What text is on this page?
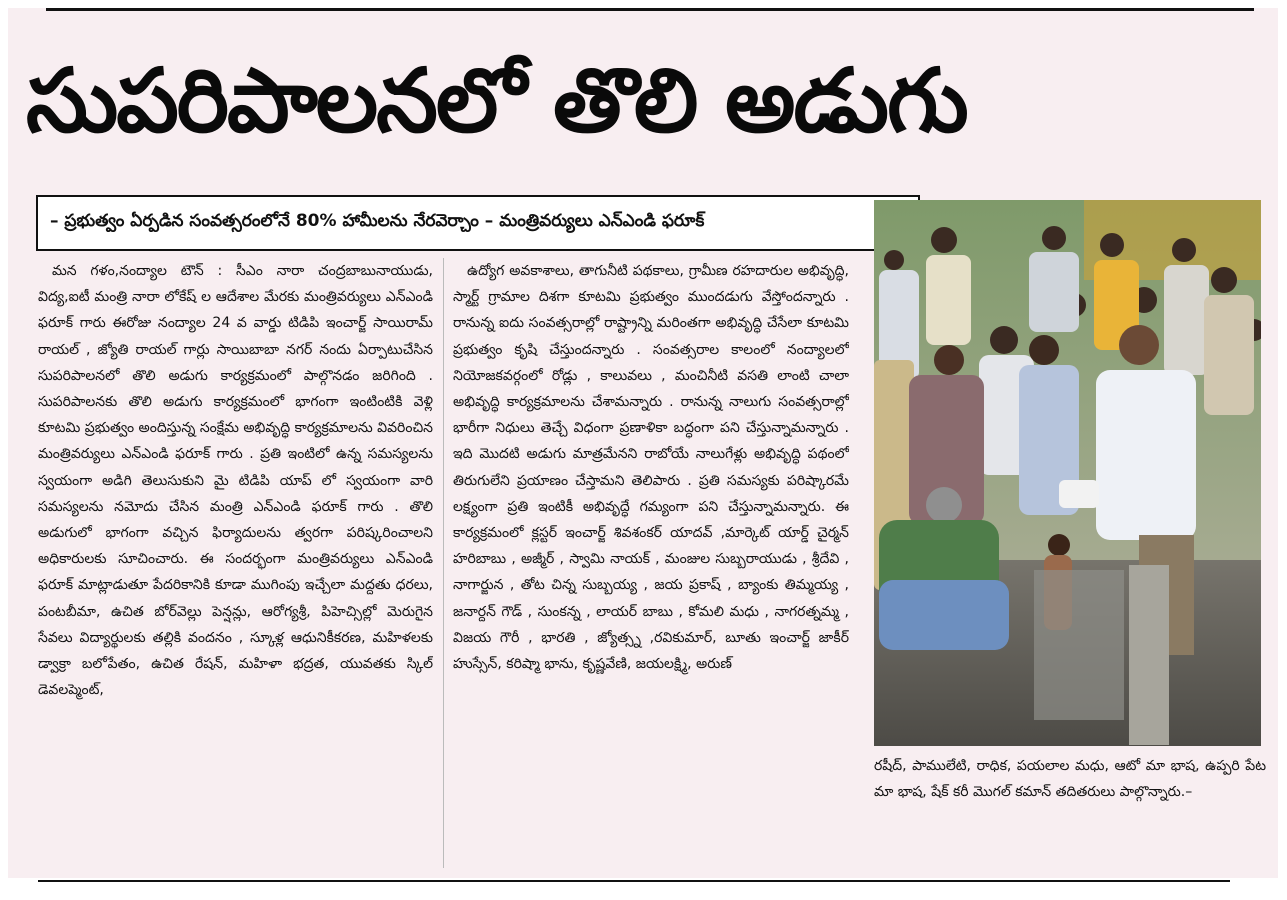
సుపరిపాలనలో తొలి అడుగు
– ప్రభుత్వం ఏర్పడిన సంవత్సరంలోనే 80% హామీలను నేరవెర్చాం – మంత్రివర్యులు ఎన్ఎండి ఫరూక్

మన గళం,నంద్యాల టౌన్ : సీఎం నారా చంద్రబాబునాయుడు, విద్య,ఐటీ మంత్రి నారా లోకేష్ ల ఆదేశాల మేరకు మంత్రివర్యులు ఎన్ఎండి ఫరూక్ గారు ఈరోజు నంద్యాల 24 వ వార్డు టిడిపి ఇంచార్జ్ సాయిరామ్ రాయల్ , జ్యోతి రాయల్ గార్లు సాయిబాబా నగర్ నందు ఏర్పాటుచేసిన సుపరిపాలనలో తొలి అడుగు కార్యక్రమంలో పాల్గొనడం జరిగింది . సుపరిపాలనకు తొలి అడుగు కార్యక్రమంలో భాగంగా ఇంటింటికి వెళ్లి కూటమి ప్రభుత్వం అందిస్తున్న సంక్షేమ అభివృద్ధి కార్యక్రమాలను వివరించిన మంత్రివర్యులు ఎన్ఎండి ఫరూక్ గారు . ప్రతి ఇంటిలో ఉన్న సమస్యలను స్వయంగా అడిగి తెలుసుకుని మై టిడిపి యాప్ లో స్వయంగా వారి సమస్యలను నమోదు చేసిన మంత్రి ఎన్ఎండి ఫరూక్ గారు . తొలి అడుగులో భాగంగా వచ్చిన ఫిర్యాదులను త్వరగా పరిష్కరించాలని అధికారులకు సూచించారు. ఈ సందర్భంగా మంత్రివర్యులు ఎన్ఎండి ఫరూక్ మాట్లాడుతూ పేదరికానికి కూడా ముగింపు ఇచ్చేలా మద్దతు ధరలు, పంటబీమా, ఉచిత బోర్‌వెల్లు పెన్షన్లు, ఆరోగ్యశ్రీ, పిహెచ్సిల్లో మెరుగైన సేవలు విద్యార్థులకు తల్లికి వందనం , స్కూళ్ల ఆధునికీకరణ, మహిళలకు డ్వాక్రా బలోపేతం, ఉచిత రేషన్, మహిళా భద్రత, యువతకు స్కిల్ డెవలప్మెంట్,

ఉద్యోగ అవకాశాలు, తాగునీటి పథకాలు, గ్రామీణ రహదారుల అభివృద్ధి, స్మార్ట్ గ్రామాల దిశగా కూటమి ప్రభుత్వం ముందడుగు వేస్తోందన్నారు . రానున్న ఐదు సంవత్సరాల్లో రాష్ట్రాన్ని మరింతగా అభివృద్ధి చేసేలా కూటమి ప్రభుత్వం కృషి చేస్తుందన్నారు . సంవత్సరాల కాలంలో నంద్యాలలో నియోజకవర్గంలో రోడ్లు , కాలువలు , మంచినీటి వసతి లాంటి చాలా అభివృద్ధి కార్యక్రమాలను చేశామన్నారు . రానున్న నాలుగు సంవత్సరాల్లో భారీగా నిధులు తెచ్చే విధంగా ప్రణాళికా బద్ధంగా పని చేస్తున్నామన్నారు . ఇది మొదటి అడుగు మాత్రమేనని రాబోయే నాలుగేళ్లు అభివృద్ధి పథంలో తిరుగులేని ప్రయాణం చేస్తామని తెలిపారు . ప్రతి సమస్యకు పరిష్కారమే లక్ష్యంగా ప్రతి ఇంటికీ అభివృద్ధే గమ్యంగా పని చేస్తున్నామన్నారు. ఈ కార్యక్రమంలో క్లస్టర్ ఇంచార్జ్ శివశంకర్ యాదవ్ ,మార్కెట్ యార్డ్ చైర్మన్ హరిబాబు , అజ్మీర్ , స్వామి నాయక్ , మంజుల సుబ్బరాయుడు , శ్రీదేవి , నాగార్జున , తోట చిన్న సుబ్బయ్య , జయ ప్రకాష్ , బ్యాంకు తిమ్మయ్య , జనార్దన్ గౌడ్ , సుంకన్న , లాయర్ బాబు , కోమలి మధు , నాగరత్నమ్మ , విజయ గౌరీ , భారతి , జ్యోత్స్న ,రవికుమార్, బూతు ఇంచార్జ్ జాకీర్ హుస్సేన్, కరిష్మా భాను, కృష్ణవేణి, జయలక్ష్మి, అరుణ్

రషీద్, పాములేటి, రాధిక, పయలాల మధు, ఆటో మా భాష, ఉప్పరి పేట మా భాష, షేక్ కరీ మొగల్ కమాన్ తదితరులు పాల్గొన్నారు.–
